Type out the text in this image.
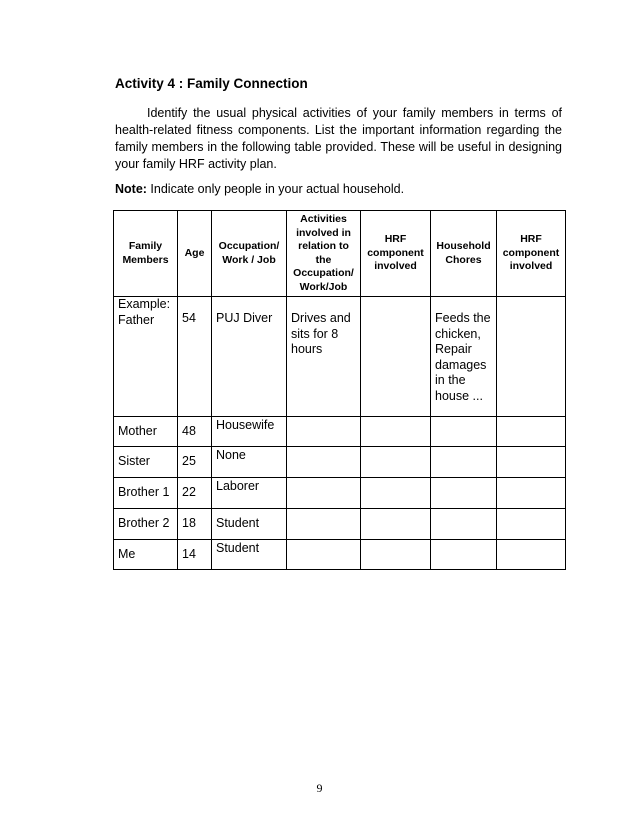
Activity 4 : Family Connection
Identify the usual physical activities of your family members in terms of health-related fitness components. List the important information regarding the family members in the following table provided. These will be useful in designing your family HRF activity plan.
Note: Indicate only people in your actual household.
Family Members	Age	Occupation/ Work / Job	Activities involved in relation to the Occupation/ Work/Job	HRF component involved	Household Chores	HRF component involved
Example: Father	54	PUJ Diver	Drives and sits for 8 hours		Feeds the chicken, Repair damages in the house ...	
Mother	48	Housewife				
Sister	25	None				
Brother 1	22	Laborer				
Brother 2	18	Student				
Me	14	Student				
9
